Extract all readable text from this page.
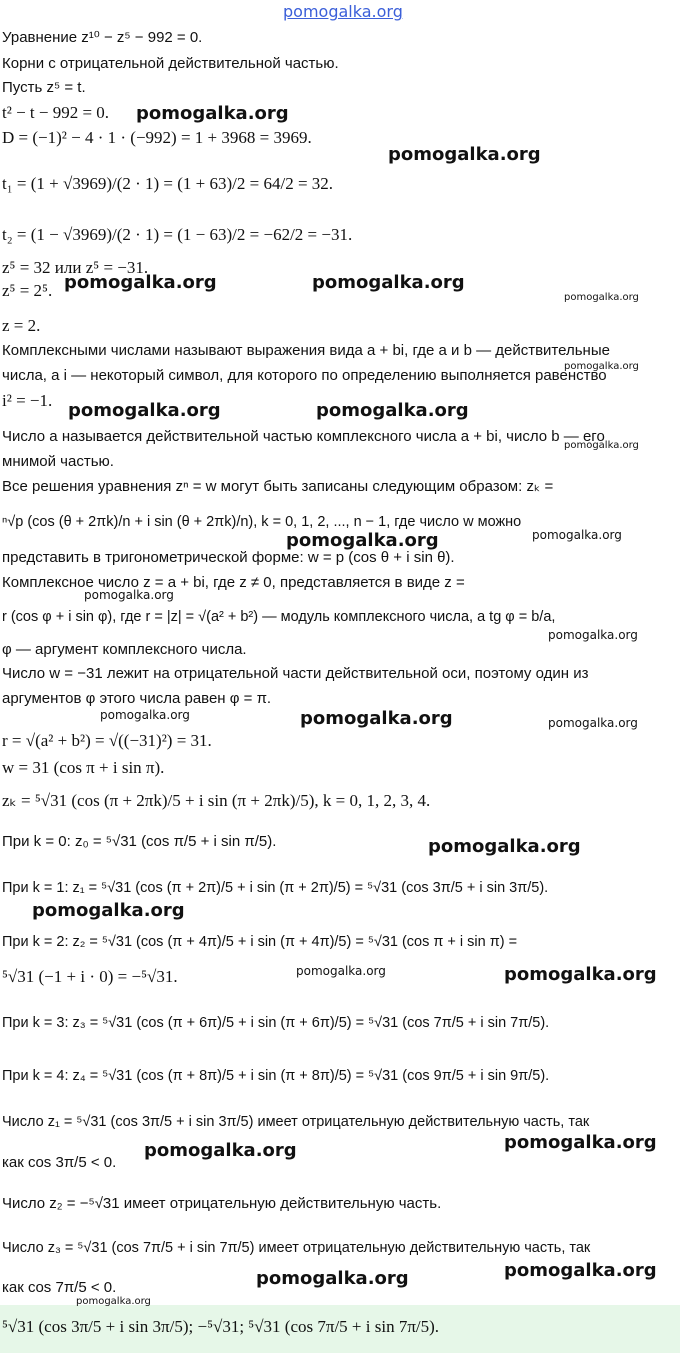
pomogalka.org
Уравнение z¹⁰ − z⁵ − 992 = 0.
Корни с отрицательной действительной частью.
Пусть z⁵ = t.
t² − t − 992 = 0.
D = (−1)² − 4 · 1 · (−992) = 1 + 3968 = 3969.
t₁ = (1 + √3969)/(2 · 1) = (1 + 63)/2 = 64/2 = 32.
t₂ = (1 − √3969)/(2 · 1) = (1 − 63)/2 = −62/2 = −31.
z⁵ = 32 или z⁵ = −31.
z⁵ = 2⁵.
z = 2.
Комплексными числами называют выражения вида a + bi, где a и b — действительные
числа, а i — некоторый символ, для которого по определению выполняется равенство
i² = −1.
Число a называется действительной частью комплексного числа a + bi, число b — его
мнимой частью.
Все решения уравнения zⁿ = w могут быть записаны следующим образом: zₖ =
ⁿ√p (cos (θ + 2πk)/n + i sin (θ + 2πk)/n), k = 0, 1, 2, ..., n − 1, где число w можно
представить в тригонометрической форме: w = p (cos θ + i sin θ).
Комплексное число z = a + bi, где z ≠ 0, представляется в виде z =
r (cos φ + i sin φ), где r = |z| = √(a² + b²) — модуль комплексного числа, а tg φ = b/a,
φ — аргумент комплексного числа.
Число w = −31 лежит на отрицательной части действительной оси, поэтому один из
аргументов φ этого числа равен φ = π.
r = √(a² + b²) = √((−31)²) = 31.
w = 31 (cos π + i sin π).
zₖ = ⁵√31 (cos (π + 2πk)/5 + i sin (π + 2πk)/5), k = 0, 1, 2, 3, 4.
При k = 0: z₀ = ⁵√31 (cos π/5 + i sin π/5).
При k = 1: z₁ = ⁵√31 (cos (π + 2π)/5 + i sin (π + 2π)/5) = ⁵√31 (cos 3π/5 + i sin 3π/5).
При k = 2: z₂ = ⁵√31 (cos (π + 4π)/5 + i sin (π + 4π)/5) = ⁵√31 (cos π + i sin π) =
⁵√31 (−1 + i · 0) = −⁵√31.
При k = 3: z₃ = ⁵√31 (cos (π + 6π)/5 + i sin (π + 6π)/5) = ⁵√31 (cos 7π/5 + i sin 7π/5).
При k = 4: z₄ = ⁵√31 (cos (π + 8π)/5 + i sin (π + 8π)/5) = ⁵√31 (cos 9π/5 + i sin 9π/5).
Число z₁ = ⁵√31 (cos 3π/5 + i sin 3π/5) имеет отрицательную действительную часть, так
как cos 3π/5 < 0.
Число z₂ = −⁵√31 имеет отрицательную действительную часть.
Число z₃ = ⁵√31 (cos 7π/5 + i sin 7π/5) имеет отрицательную действительную часть, так
как cos 7π/5 < 0.
⁵√31 (cos 3π/5 + i sin 3π/5); −⁵√31; ⁵√31 (cos 7π/5 + i sin 7π/5).
pomogalka.org
pomogalka.org
pomogalka.org	pomogalka.org
pomogalka.org
pomogalka.org
pomogalka.org	pomogalka.org
pomogalka.org
pomogalka.org	pomogalka.org
pomogalka.org
pomogalka.org
pomogalka.org	pomogalka.org	pomogalka.org
pomogalka.org
pomogalka.org
pomogalka.org	pomogalka.org
pomogalka.org
pomogalka.org
pomogalka.org	pomogalka.org
pomogalka.org
